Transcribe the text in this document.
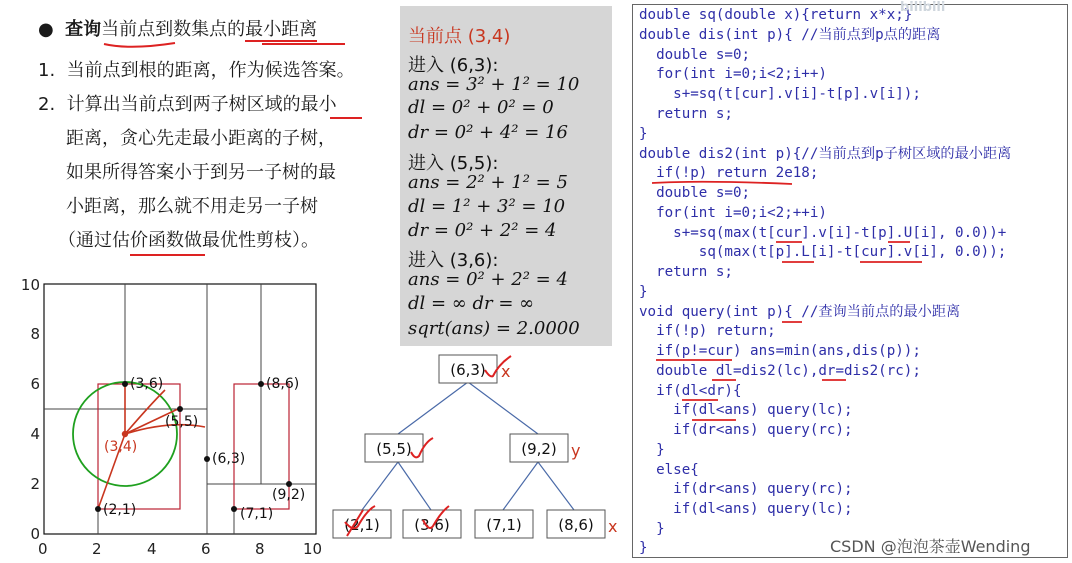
● 查询当前点到数集点的最小距离
1. 当前点到根的距离，作为候选答案。
2. 计算出当前点到两子树区域的最小
距离，贪心先走最小距离的子树，
如果所得答案小于到另一子树的最
小距离，那么就不用走另一子树
（通过估价函数做最优性剪枝）。
0	2	4	6	8	10
0
2
4
6
8
10
(3,6)
(5,5)
(3,4)
(6,3)
(8,6)
(9,2)
(7,1)
(2,1)
当前点 (3,4)
进入 (6,3):
ans = 3² + 1² = 10
dl = 0² + 0² = 0
dr = 0² + 4² = 16
进入 (5,5):
ans = 2² + 1² = 5
dl = 1² + 3² = 10
dr = 0² + 2² = 4
进入 (3,6):
ans = 0² + 2² = 4
dl = ∞ dr = ∞
sqrt(ans) = 2.0000
(6,3)
(5,5)	(9,2)
(2,1) (3,6) (7,1) (8,6)
x
y
x
double sq(double x){return x*x;}
double dis(int p){ //当前点到p点的距离
double s=0;
for(int i=0;i<2;i++)
s+=sq(t[cur].v[i]-t[p].v[i]);
return s;
}
double dis2(int p){//当前点到p子树区域的最小距离
if(!p) return 2e18;
double s=0;
for(int i=0;i<2;++i)
s+=sq(max(t[cur].v[i]-t[p].U[i], 0.0))+
sq(max(t[p].L[i]-t[cur].v[i], 0.0));
return s;
}
void query(int p){ //查询当前点的最小距离
if(!p) return;
if(p!=cur) ans=min(ans,dis(p));
double dl=dis2(lc),dr=dis2(rc);
if(dl<dr){
if(dl<ans) query(lc);
if(dr<ans) query(rc);
}
else{
if(dr<ans) query(rc);
if(dl<ans) query(lc);
}
}
bilibili
CSDN @泡泡茶壶Wending
